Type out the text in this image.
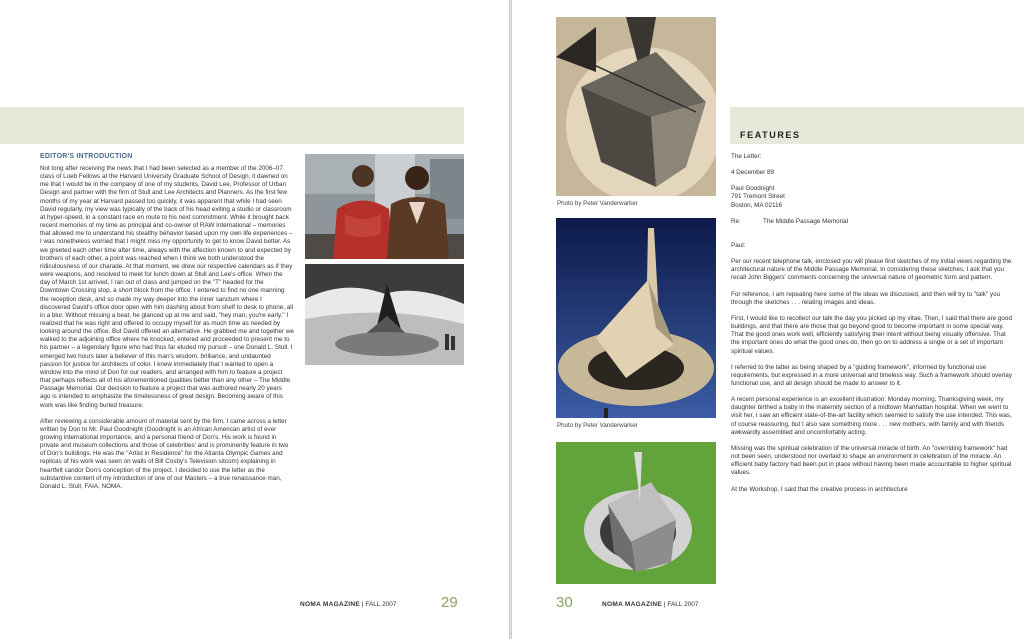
EDITOR'S INTRODUCTION

Not long after receiving the news that I had been selected as a member of the 2006–07 class of Loeb Fellows at the Harvard University Graduate School of Design, it dawned on me that I would be in the company of one of my students, David Lee, Professor of Urban Design and partner with the firm of Stull and Lee Architects and Planners. As the first few months of my year at Harvard passed too quickly, it was apparent that while I had seen David regularly, my view was typically of the back of his head exiting a studio or classroom at hyper-speed, in a constant race en route to his next commitment. While it brought back recent memories of my time as principal and co-owner of RAW International – memories that allowed me to understand his stealthy behavior based upon my own life experiences – I was nonetheless worried that I might miss my opportunity to get to know David better. As we greeted each other time after time, always with the affection known to and expected by brothers of each other, a point was reached when I think we both understood the ridiculousness of our charade. At that moment, we drew our respective calendars as if they were weapons, and resolved to meet for lunch down at Stull and Lee's office. When the day of March 1st arrived, I ran out of class and jumped on the "T" headed for the Downtown Crossing stop, a short block from the office. I entered to find no one manning the reception desk, and so made my way deeper into the inner sanctum where I discovered David's office door open with him dashing about from shelf to desk to phone, all in a blur. Without missing a beat, he glanced up at me and said, "hey man, you're early." I realized that he was right and offered to occupy myself for as much time as needed by looking around the office. But David offered an alternative. He grabbed me and together we walked to the adjoining office where he knocked, entered and proceeded to present me to his partner – a legendary figure who had thus far eluded my pursuit – one Donald L. Stull. I emerged two hours later a believer of this man's wisdom, brilliance, and undaunted passion for justice for architects of color. I knew immediately that I wanted to open a window into the mind of Don for our readers, and arranged with him to feature a project that perhaps reflects all of his aforementioned qualities better than any other – The Middle Passage Memorial. Our decision to feature a project that was authored nearly 20 years ago is intended to emphasize the timelessness of great design. Becoming aware of this work was like finding buried treasure.

After reviewing a considerable amount of material sent by the firm, I came across a letter written by Don to Mr. Paul Goodnight (Goodnight is an African American artist of ever growing international importance, and a personal friend of Don's. His work is found in private and museum collections and those of celebrities' and is prominently feature in two of Don's buildings. He was the "Artist in Residence" for the Atlanta Olympic Games and replicas of his work was seen on walls of Bill Cosby's Television sitcom) explaining in heartfelt candor Don's conception of the project. I decided to use the letter as the substantive content of my introduction of one of our Masters – a true renaissance man, Donald L. Stull, FAIA, NOMA.

NOMA MAGAZINE | FALL 2007	29
FEATURES
Photo by Peter Vanderwarker
Photo by Peter Vanderwarker
The Letter:
4 December 89
Paul Goodnight
791 Tremont Street
Boston, MA 02116
Re:	The Middle Passage Memorial
Paul:

Per our recent telephone talk, enclosed you will please find sketches of my initial views regarding the architectural nature of the Middle Passage Memorial. In considering these sketches, I ask that you recall John Biggers' comments concerning the universal nature of geometric form and pattern.

For reference, I am repeating here some of the ideas we discussed, and then will try to "talk" you through the sketches . . . relating images and ideas.

First, I would like to recollect our talk the day you picked up my vitae. Then, I said that there are good buildings, and that there are those that go beyond good to become important in some special way. That the good ones work well, efficiently satisfying their intent without being visually offensive. That the important ones do what the good ones do, then go on to address a single or a set of important spiritual values.

I referred to the latter as being shaped by a "guiding framework", informed by functional use requirements, but expressed in a more universal and timeless way. Such a framework should overlay functional use, and all design should be made to answer to it.

A recent personal experience is an excellent illustration: Monday morning, Thanksgiving week, my daughter birthed a baby in the maternity section of a midtown Manhattan hospital. When we went to visit her, I saw an efficient state-of-the-art facility which seemed to satisfy the use intended. This was, of course reassuring, but I also saw something more . . . new mothers, with family and with friends awkwardly assembled and uncomfortably acting.

Missing was the spiritual celebration of the universal miracle of birth. An "overriding framework" had not been seen, understood nor overlaid to shape an environment in celebration of the miracle. An efficient baby factory had been put in place without having been made accountable to higher spiritual values.

At the Workshop, I said that the creative process in architecture

30	NOMA MAGAZINE | FALL 2007
